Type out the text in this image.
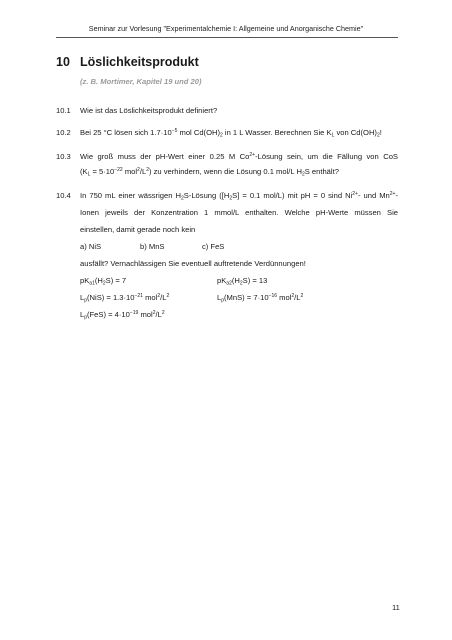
Seminar zur Vorlesung "Experimentalchemie I: Allgemeine und Anorganische Chemie"
10 Löslichkeitsprodukt
(z. B. Mortimer, Kapitel 19 und 20)
10.1 Wie ist das Löslichkeitsprodukt definiert?
10.2 Bei 25 °C lösen sich $1.7\cdot 10^{-5}$ mol $Cd(OH)_2$ in 1 L Wasser. Berechnen Sie $K_L$ von $Cd(OH)_2$!
10.3 Wie groß muss der pH-Wert einer 0.25 M $Co^{2+}$-Lösung sein, um die Fällung von CoS
($K_L = 5\cdot 10^{-22}$ $mol^2/L^2$) zu verhindern, wenn die Lösung 0.1 mol/L $H_2S$ enthält?
10.4 In 750 mL einer wässrigen $H_2S$-Lösung ($[H_2S] = 0.1$ mol/L) mit pH = 0 sind $Ni^{2+}-$ und $Mn^{2+}-$
Ionen jeweils der Konzentration 1 mmol/L enthalten. Welche pH-Werte müssen Sie
einstellen, damit gerade noch kein
a) NiS	b) MnS	c) FeS
ausfällt? Vernachlässigen Sie eventuell auftretende Verdünnungen!
$pK_{a1}(H_2S) = 7$	$pK_{a2}(H_2S) = 13$
$L_p(NiS) = 1.3\cdot 10^{-21}$ $mol^2/L^2$	$L_p(MnS) = 7\cdot 10^{-16}$ $mol^2/L^2$
$L_p(FeS) = 4\cdot 10^{-19}$ $mol^2/L^2$
11
